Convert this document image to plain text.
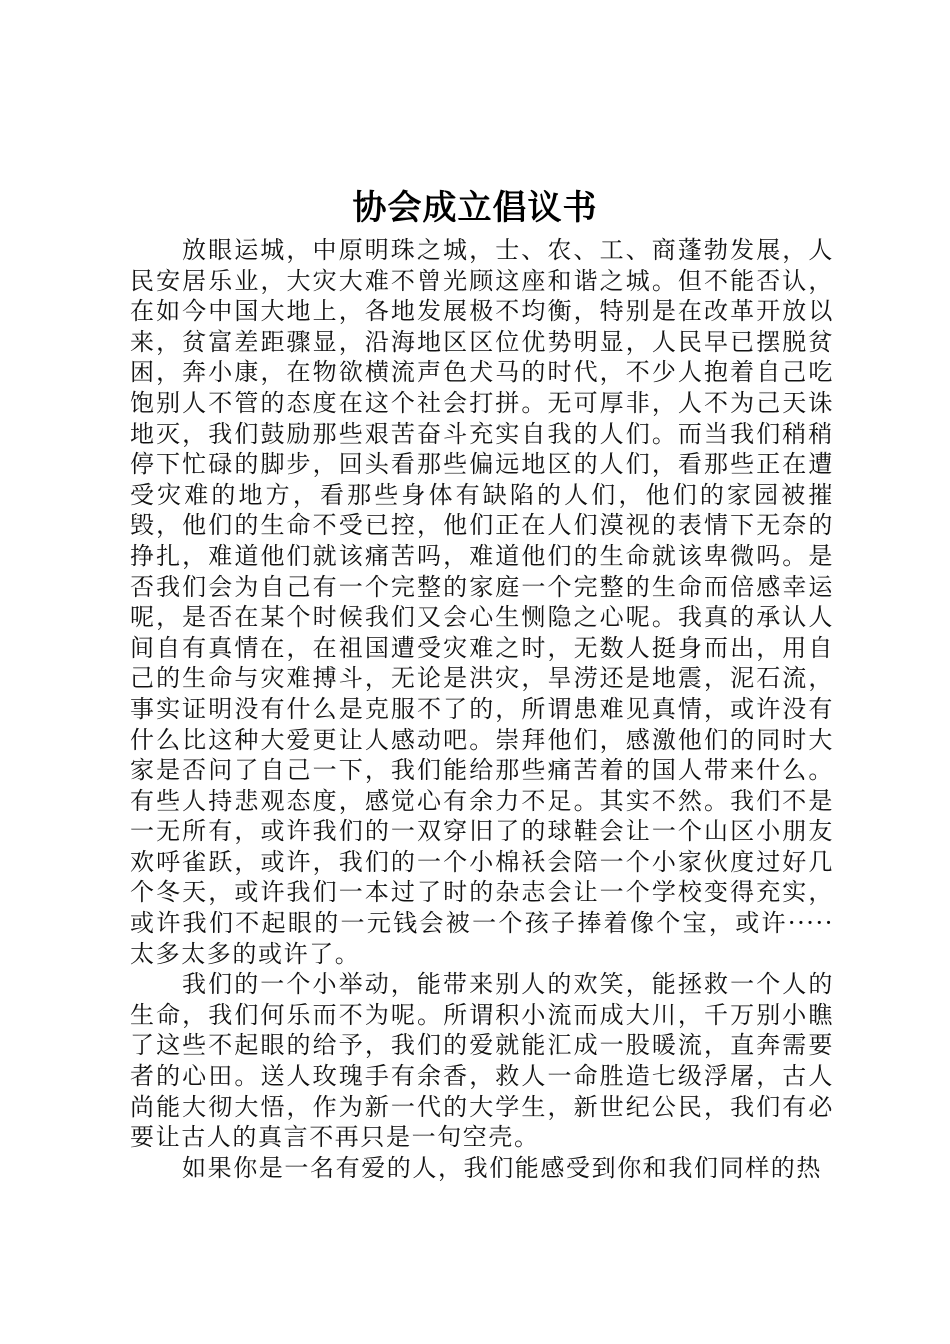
协会成立倡议书

放眼运城，中原明珠之城，士、农、工、商蓬勃发展，人民安居乐业，大灾大难不曾光顾这座和谐之城。但不能否认，在如今中国大地上，各地发展极不均衡，特别是在改革开放以来，贫富差距骤显，沿海地区区位优势明显，人民早已摆脱贫困，奔小康，在物欲横流声色犬马的时代，不少人抱着自己吃饱别人不管的态度在这个社会打拼。无可厚非，人不为己天诛地灭，我们鼓励那些艰苦奋斗充实自我的人们。而当我们稍稍停下忙碌的脚步，回头看那些偏远地区的人们，看那些正在遭受灾难的地方，看那些身体有缺陷的人们，他们的家园被摧毁，他们的生命不受已控，他们正在人们漠视的表情下无奈的挣扎，难道他们就该痛苦吗，难道他们的生命就该卑微吗。是否我们会为自己有一个完整的家庭一个完整的生命而倍感幸运呢，是否在某个时候我们又会心生恻隐之心呢。我真的承认人间自有真情在，在祖国遭受灾难之时，无数人挺身而出，用自己的生命与灾难搏斗，无论是洪灾，旱涝还是地震，泥石流，事实证明没有什么是克服不了的，所谓患难见真情，或许没有什么比这种大爱更让人感动吧。崇拜他们，感激他们的同时大家是否问了自己一下，我们能给那些痛苦着的国人带来什么。有些人持悲观态度，感觉心有余力不足。其实不然。我们不是一无所有，或许我们的一双穿旧了的球鞋会让一个山区小朋友欢呼雀跃，或许，我们的一个小棉袄会陪一个小家伙度过好几个冬天，或许我们一本过了时的杂志会让一个学校变得充实，或许我们不起眼的一元钱会被一个孩子捧着像个宝，或许·····太多太多的或许了。

我们的一个小举动，能带来别人的欢笑，能拯救一个人的生命，我们何乐而不为呢。所谓积小流而成大川，千万别小瞧了这些不起眼的给予，我们的爱就能汇成一股暖流，直奔需要者的心田。送人玫瑰手有余香，救人一命胜造七级浮屠，古人尚能大彻大悟，作为新一代的大学生，新世纪公民，我们有必要让古人的真言不再只是一句空壳。

如果你是一名有爱的人，我们能感受到你和我们同样的热
